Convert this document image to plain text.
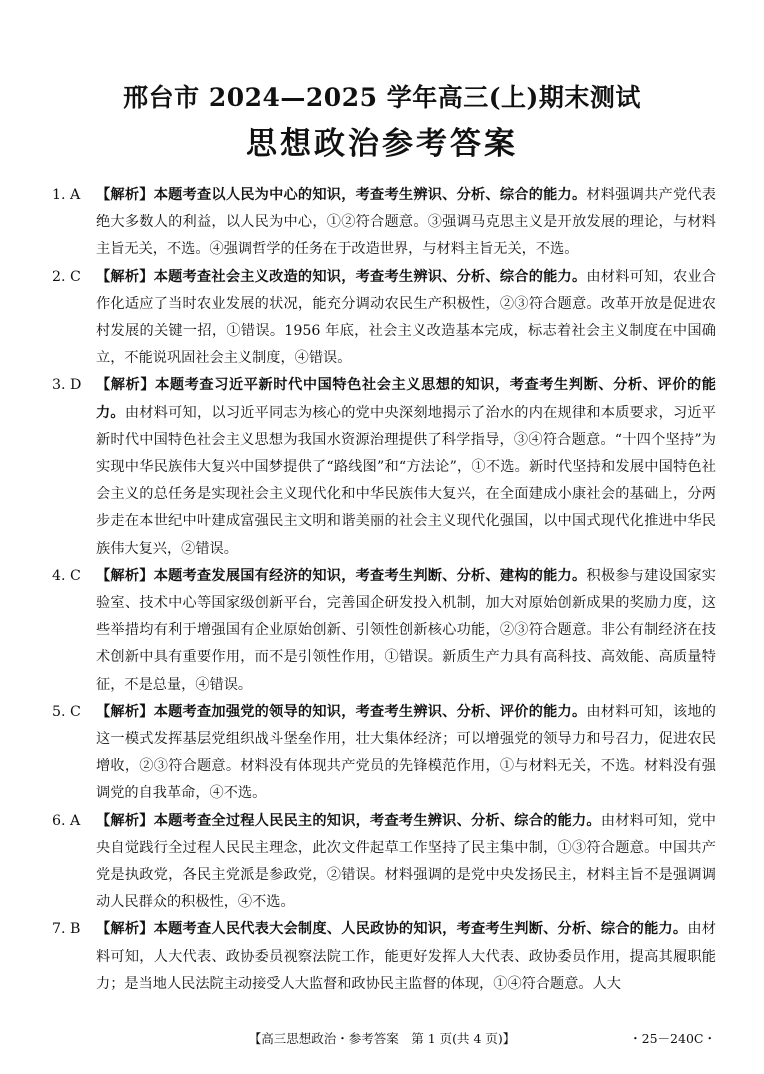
邢台市 2024—2025 学年高三(上)期末测试
思想政治参考答案
1. A	【解析】本题考查以人民为中心的知识，考查考生辨识、分析、综合的能力。材料强调共产党代表绝大多数人的利益，以人民为中心，①②符合题意。③强调马克思主义是开放发展的理论，与材料主旨无关，不选。④强调哲学的任务在于改造世界，与材料主旨无关，不选。
2. C	【解析】本题考查社会主义改造的知识，考查考生辨识、分析、综合的能力。由材料可知，农业合作化适应了当时农业发展的状况，能充分调动农民生产积极性，②③符合题意。改革开放是促进农村发展的关键一招，①错误。1956 年底，社会主义改造基本完成，标志着社会主义制度在中国确立，不能说巩固社会主义制度，④错误。
3. D	【解析】本题考查习近平新时代中国特色社会主义思想的知识，考查考生判断、分析、评价的能力。由材料可知，以习近平同志为核心的党中央深刻地揭示了治水的内在规律和本质要求，习近平新时代中国特色社会主义思想为我国水资源治理提供了科学指导，③④符合题意。“十四个坚持”为实现中华民族伟大复兴中国梦提供了“路线图”和“方法论”，①不选。新时代坚持和发展中国特色社会主义的总任务是实现社会主义现代化和中华民族伟大复兴，在全面建成小康社会的基础上，分两步走在本世纪中叶建成富强民主文明和谐美丽的社会主义现代化强国，以中国式现代化推进中华民族伟大复兴，②错误。
4. C	【解析】本题考查发展国有经济的知识，考查考生判断、分析、建构的能力。积极参与建设国家实验室、技术中心等国家级创新平台，完善国企研发投入机制，加大对原始创新成果的奖励力度，这些举措均有利于增强国有企业原始创新、引领性创新核心功能，②③符合题意。非公有制经济在技术创新中具有重要作用，而不是引领性作用，①错误。新质生产力具有高科技、高效能、高质量特征，不是总量，④错误。
5. C	【解析】本题考查加强党的领导的知识，考查考生辨识、分析、评价的能力。由材料可知，该地的这一模式发挥基层党组织战斗堡垒作用，壮大集体经济；可以增强党的领导力和号召力，促进农民增收，②③符合题意。材料没有体现共产党员的先锋模范作用，①与材料无关，不选。材料没有强调党的自我革命，④不选。
6. A	【解析】本题考查全过程人民民主的知识，考查考生辨识、分析、综合的能力。由材料可知，党中央自觉践行全过程人民民主理念，此次文件起草工作坚持了民主集中制，①③符合题意。中国共产党是执政党，各民主党派是参政党，②错误。材料强调的是党中央发扬民主，材料主旨不是强调调动人民群众的积极性，④不选。
7. B	【解析】本题考查人民代表大会制度、人民政协的知识，考查考生判断、分析、综合的能力。由材料可知，人大代表、政协委员视察法院工作，能更好发挥人大代表、政协委员作用，提高其履职能力；是当地人民法院主动接受人大监督和政协民主监督的体现，①④符合题意。人大
【高三思想政治・参考答案　第 1 页(共 4 页)】	・25－240C・
